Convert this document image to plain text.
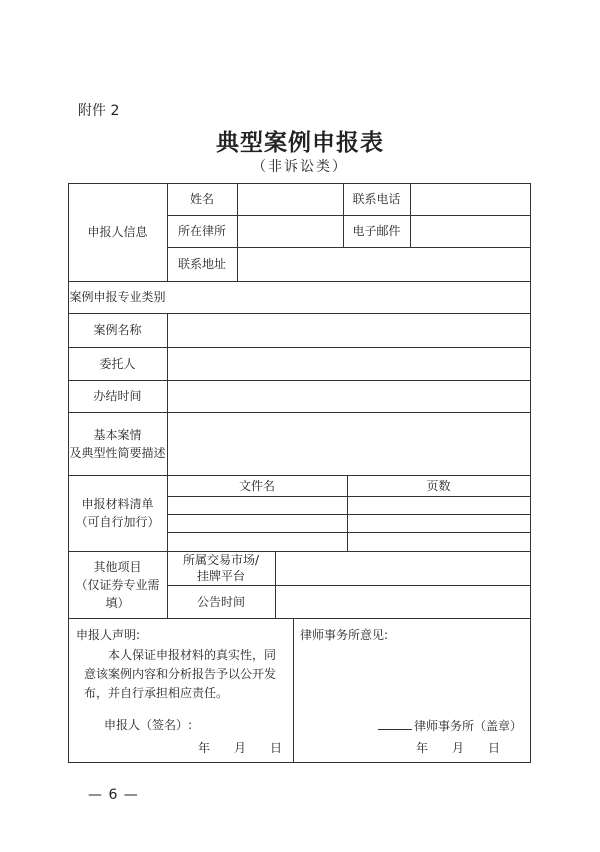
附件 2
典型案例申报表
（非诉讼类）
申报人信息
姓名	联系电话
所在律所	电子邮件
联系地址
案例申报专业类别
案例名称
委托人
办结时间
基本案情
及典型性简要描述
申报材料清单
（可自行加行）
文件名	页数
其他项目
（仅证券专业需填）
所属交易市场/
挂牌平台
公告时间
申报人声明:
本人保证申报材料的真实性，同意该案例内容和分析报告予以公开发布，并自行承担相应责任。
申报人（签名）:
年　　月　　日
律师事务所意见:
律师事务所（盖章）
年　　月　　日
— 6 —
